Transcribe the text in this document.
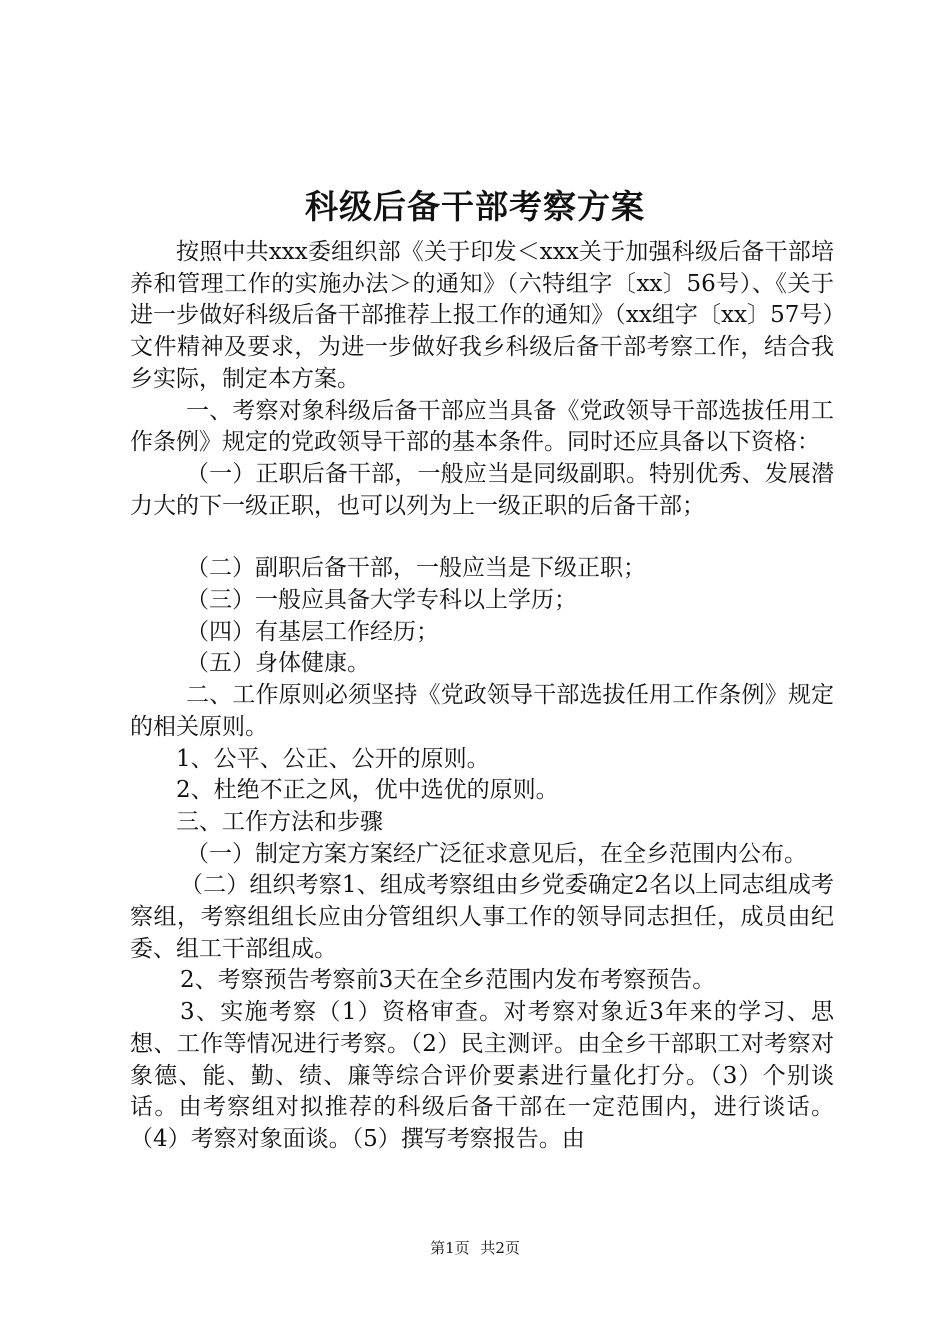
科级后备干部考察方案

按照中共xxx委组织部《关于印发＜xxx关于加强科级后备干部培养和管理工作的实施办法＞的通知》（六特组字〔xx〕56号）、《关于进一步做好科级后备干部推荐上报工作的通知》（xx组字〔xx〕57号）文件精神及要求，为进一步做好我乡科级后备干部考察工作，结合我乡实际，制定本方案。

一、考察对象科级后备干部应当具备《党政领导干部选拔任用工作条例》规定的党政领导干部的基本条件。同时还应具备以下资格：

（一）正职后备干部，一般应当是同级副职。特别优秀、发展潜力大的下一级正职，也可以列为上一级正职的后备干部；

（二）副职后备干部，一般应当是下级正职；

（三）一般应具备大学专科以上学历；

（四）有基层工作经历；

（五）身体健康。

二、工作原则必须坚持《党政领导干部选拔任用工作条例》规定的相关原则。

1、公平、公正、公开的原则。

2、杜绝不正之风，优中选优的原则。

三、工作方法和步骤

（一）制定方案方案经广泛征求意见后，在全乡范围内公布。

（二）组织考察1、组成考察组由乡党委确定2名以上同志组成考察组，考察组组长应由分管组织人事工作的领导同志担任，成员由纪委、组工干部组成。

2、考察预告考察前3天在全乡范围内发布考察预告。

3、实施考察（1）资格审查。对考察对象近3年来的学习、思想、工作等情况进行考察。（2）民主测评。由全乡干部职工对考察对象德、能、勤、绩、廉等综合评价要素进行量化打分。（3）个别谈话。由考察组对拟推荐的科级后备干部在一定范围内，进行谈话。（4）考察对象面谈。（5）撰写考察报告。由

第1页 共2页
